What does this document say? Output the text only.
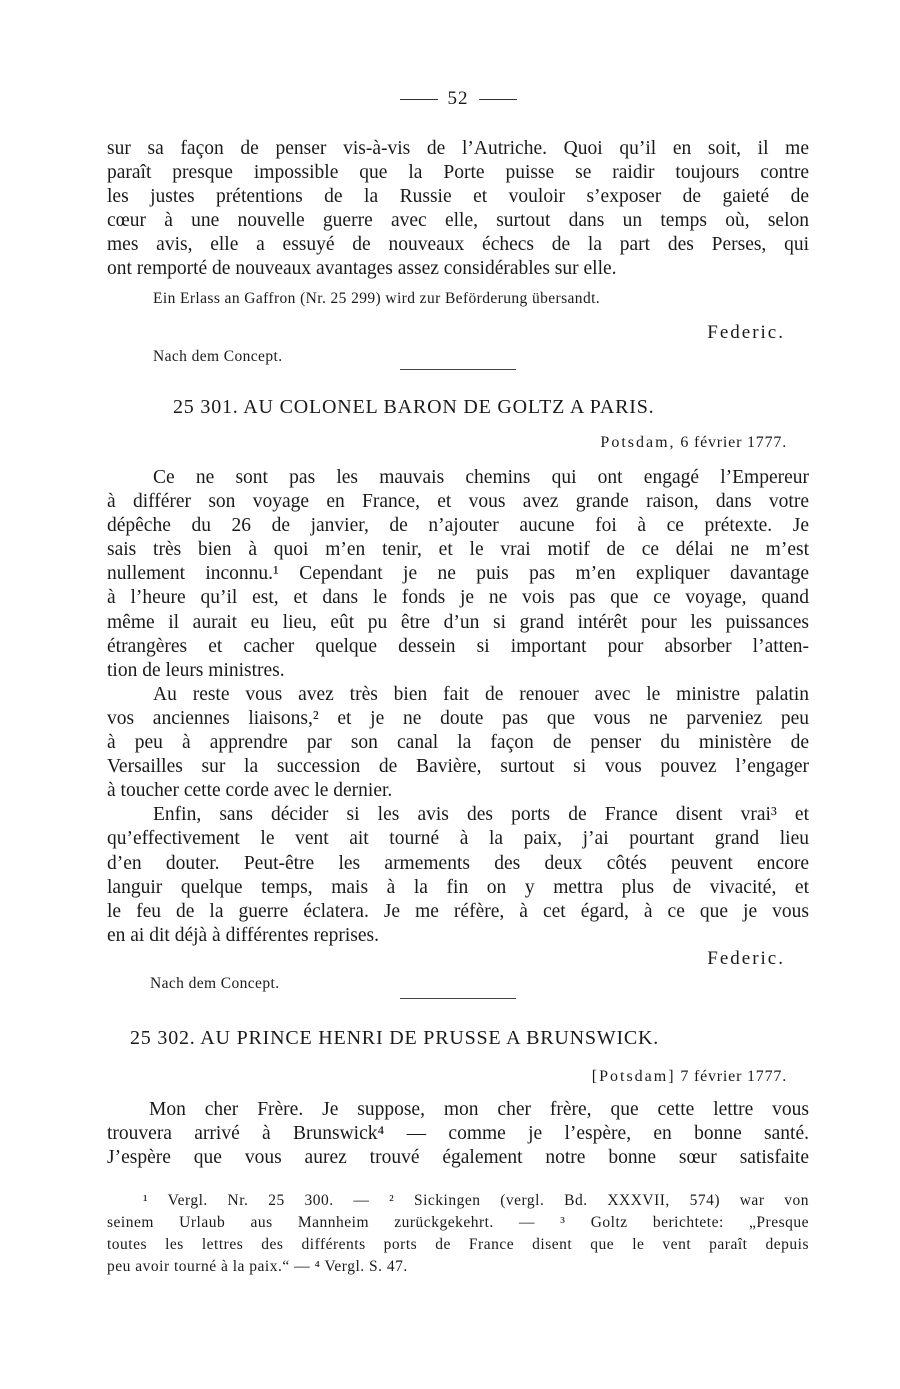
52
sur sa façon de penser vis-à-vis de l’Autriche. Quoi qu’il en soit, il me
paraît presque impossible que la Porte puisse se raidir toujours contre
les justes prétentions de la Russie et vouloir s’exposer de gaieté de
cœur à une nouvelle guerre avec elle, surtout dans un temps où, selon
mes avis, elle a essuyé de nouveaux échecs de la part des Perses, qui
ont remporté de nouveaux avantages assez considérables sur elle.
Ein Erlass an Gaffron (Nr. 25 299) wird zur Beförderung übersandt.
Federic.
Nach dem Concept.
25 301. AU COLONEL BARON DE GOLTZ A PARIS.
Potsdam, 6 février 1777.
Ce ne sont pas les mauvais chemins qui ont engagé l’Empereur
à différer son voyage en France, et vous avez grande raison, dans votre
dépêche du 26 de janvier, de n’ajouter aucune foi à ce prétexte. Je
sais très bien à quoi m’en tenir, et le vrai motif de ce délai ne m’est
nullement inconnu.¹ Cependant je ne puis pas m’en expliquer davantage
à l’heure qu’il est, et dans le fonds je ne vois pas que ce voyage, quand
même il aurait eu lieu, eût pu être d’un si grand intérêt pour les puissances
étrangères et cacher quelque dessein si important pour absorber l’atten-
tion de leurs ministres.
Au reste vous avez très bien fait de renouer avec le ministre palatin
vos anciennes liaisons,² et je ne doute pas que vous ne parveniez peu
à peu à apprendre par son canal la façon de penser du ministère de
Versailles sur la succession de Bavière, surtout si vous pouvez l’engager
à toucher cette corde avec le dernier.
Enfin, sans décider si les avis des ports de France disent vrai³ et
qu’effectivement le vent ait tourné à la paix, j’ai pourtant grand lieu
d’en douter. Peut-être les armements des deux côtés peuvent encore
languir quelque temps, mais à la fin on y mettra plus de vivacité, et
le feu de la guerre éclatera. Je me réfère, à cet égard, à ce que je vous
en ai dit déjà à différentes reprises.
Federic.
Nach dem Concept.
25 302. AU PRINCE HENRI DE PRUSSE A BRUNSWICK.
[Potsdam] 7 février 1777.
Mon cher Frère. Je suppose, mon cher frère, que cette lettre vous
trouvera arrivé à Brunswick⁴ — comme je l’espère, en bonne santé.
J’espère que vous aurez trouvé également notre bonne sœur satisfaite
¹ Vergl. Nr. 25 300. — ² Sickingen (vergl. Bd. XXXVII, 574) war von
seinem Urlaub aus Mannheim zurückgekehrt. — ³ Goltz berichtete: „Presque
toutes les lettres des différents ports de France disent que le vent paraît depuis
peu avoir tourné à la paix.“ — ⁴ Vergl. S. 47.
